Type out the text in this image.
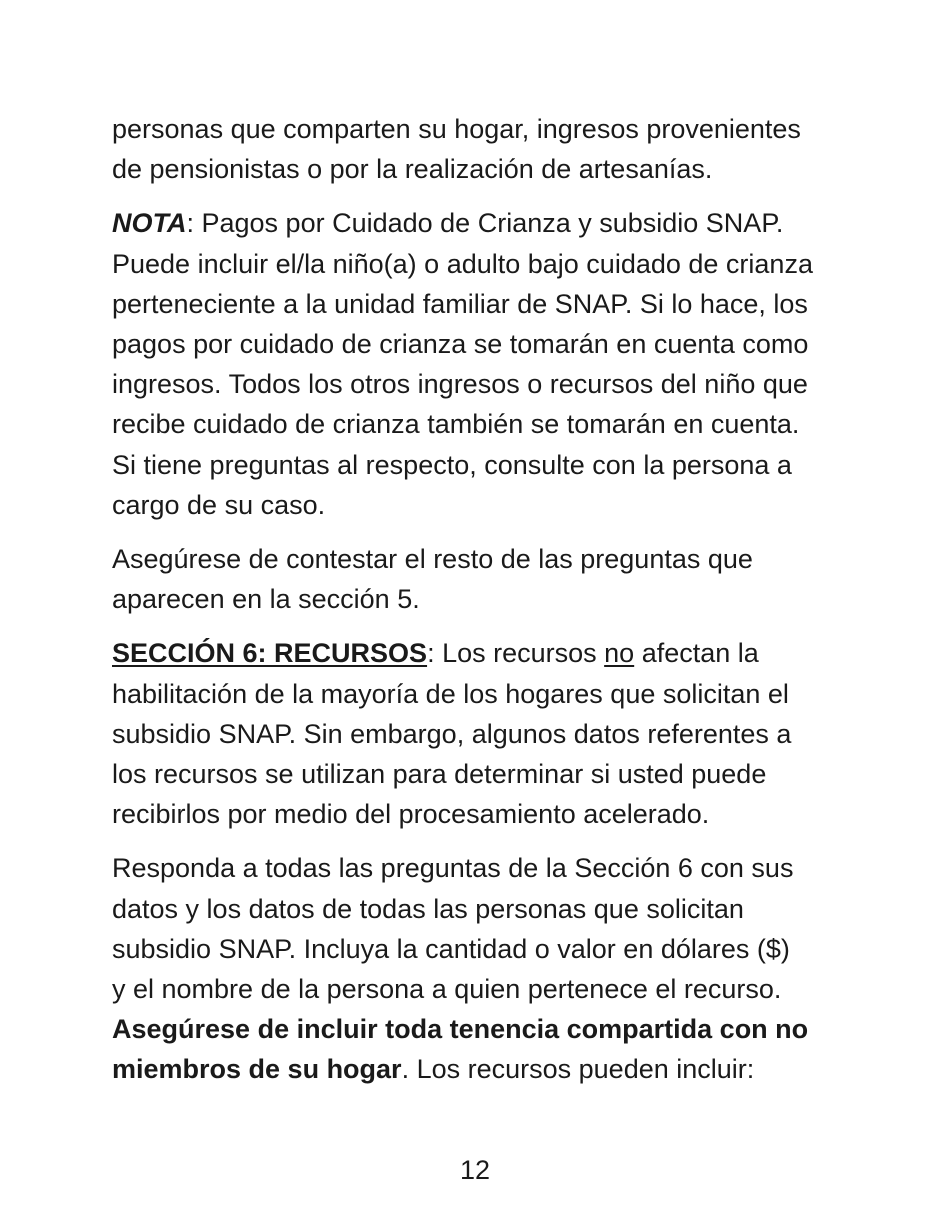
personas que comparten su hogar, ingresos provenientes
de pensionistas o por la realización de artesanías.

NOTA: Pagos por Cuidado de Crianza y subsidio SNAP.
Puede incluir el/la niño(a) o adulto bajo cuidado de crianza
perteneciente a la unidad familiar de SNAP. Si lo hace, los
pagos por cuidado de crianza se tomarán en cuenta como
ingresos. Todos los otros ingresos o recursos del niño que
recibe cuidado de crianza también se tomarán en cuenta.
Si tiene preguntas al respecto, consulte con la persona a
cargo de su caso.

Asegúrese de contestar el resto de las preguntas que
aparecen en la sección 5.

SECCIÓN 6: RECURSOS: Los recursos no afectan la
habilitación de la mayoría de los hogares que solicitan el
subsidio SNAP. Sin embargo, algunos datos referentes a
los recursos se utilizan para determinar si usted puede
recibirlos por medio del procesamiento acelerado.

Responda a todas las preguntas de la Sección 6 con sus
datos y los datos de todas las personas que solicitan
subsidio SNAP. Incluya la cantidad o valor en dólares ($)
y el nombre de la persona a quien pertenece el recurso.
Asegúrese de incluir toda tenencia compartida con no
miembros de su hogar. Los recursos pueden incluir:

12
